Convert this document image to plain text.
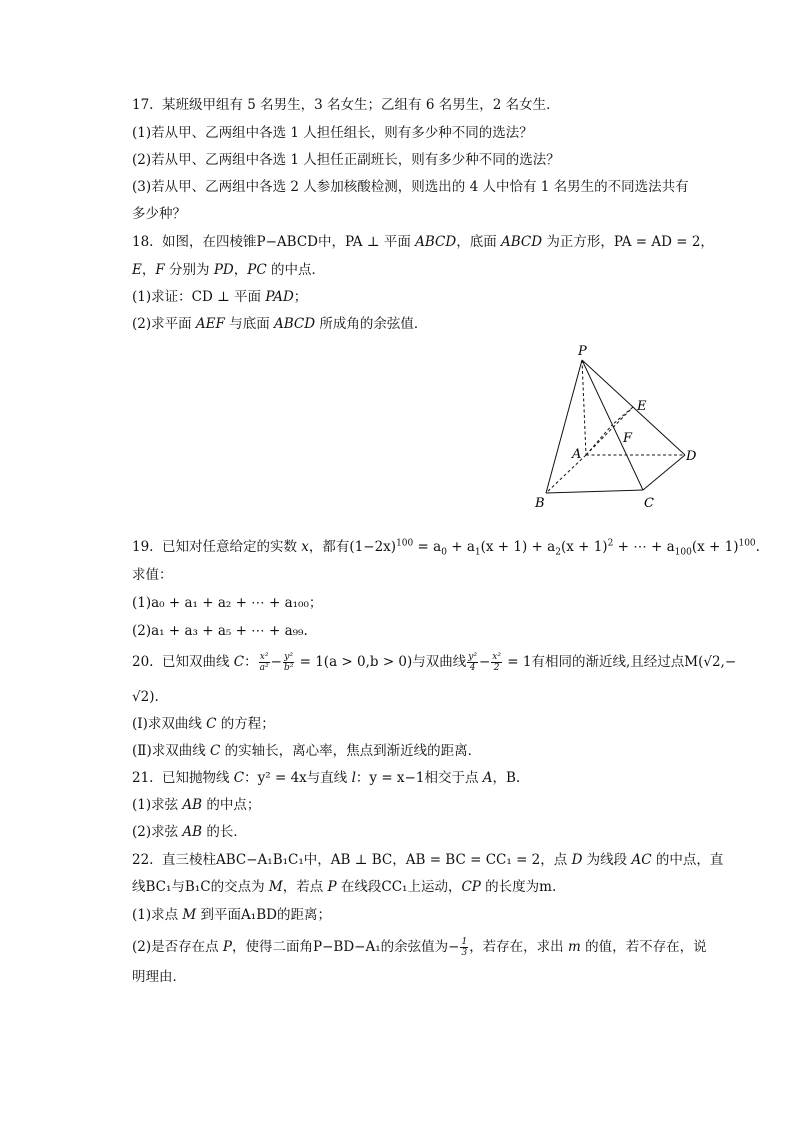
17. 某班级甲组有 5 名男生，3 名女生；乙组有 6 名男生，2 名女生．
(1)若从甲、乙两组中各选 1 人担任组长，则有多少种不同的选法？
(2)若从甲、乙两组中各选 1 人担任正副班长，则有多少种不同的选法？
(3)若从甲、乙两组中各选 2 人参加核酸检测，则选出的 4 人中恰有 1 名男生的不同选法共有
多少种？
18. 如图，在四棱锥P−ABCD中，PA ⊥ 平面 ABCD，底面 ABCD 为正方形，PA = AD = 2，
E，F 分别为 PD，PC 的中点．
(1)求证：CD ⊥ 平面 PAD；
(2)求平面 AEF 与底面 ABCD 所成角的余弦值．
P
A
B	C
D
E
F
19. 已知对任意给定的实数 x，都有$(1-2x)^{100} = a_0 + a_1(x + 1) + a_2(x + 1)^2$ + ⋯ + $a_{100}(x + 1)^{100}$.
求值：
(1)a₀ + a₁ + a₂ + ⋯ + a₁₀₀；
(2)a₁ + a₃ + a₅ + ⋯ + a₉₉.
20. 已知双曲线 C： $\frac{\text{x²}}{\text{a²}} - \frac{\text{y²}}{\text{b²}} = 1(a > 0,b > 0)$与双曲线 $\frac{\text{y²}}{4} - \frac{\text{x²}}{2} = 1$有相同的渐近线,且经过点M(√2,−
√2).
(Ⅰ)求双曲线 C 的方程；
(Ⅱ)求双曲线 C 的实轴长，离心率，焦点到渐近线的距离．
21. 已知抛物线 C：y² = 4x与直线 l：y = x−1相交于点 A，B.
(1)求弦 AB 的中点；
(2)求弦 AB 的长．
22. 直三棱柱ABC−A₁B₁C₁中，AB ⊥ BC，AB = BC = CC₁ = 2，点 D 为线段 AC 的中点，直
线BC₁与B₁C的交点为 M，若点 P 在线段CC₁上运动，CP 的长度为m.
(1)求点 M 到平面A₁BD的距离；
(2)是否存在点 P，使得二面角P−BD−A₁的余弦值为− $\frac{1}{3}$ ，若存在，求出 m 的值，若不存在，说
明理由．
